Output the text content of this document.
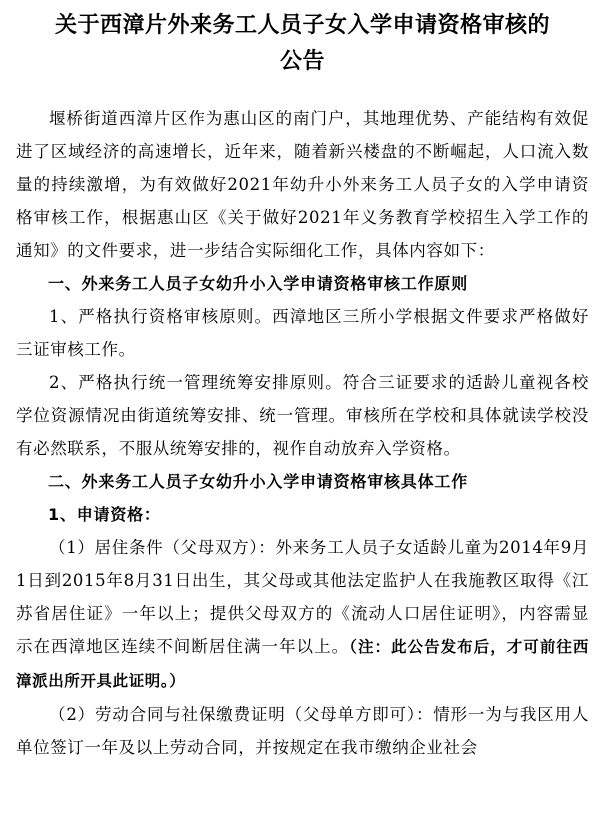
关于西漳片外来务工人员子女入学申请资格审核的
公告

堰桥街道西漳片区作为惠山区的南门户，其地理优势、产能结构有效促进了区域经济的高速增长，近年来，随着新兴楼盘的不断崛起，人口流入数量的持续激增，为有效做好2021年幼升小外来务工人员子女的入学申请资格审核工作，根据惠山区《关于做好2021年义务教育学校招生入学工作的通知》的文件要求，进一步结合实际细化工作，具体内容如下：

一、外来务工人员子女幼升小入学申请资格审核工作原则

1、严格执行资格审核原则。西漳地区三所小学根据文件要求严格做好三证审核工作。

2、严格执行统一管理统筹安排原则。符合三证要求的适龄儿童视各校学位资源情况由街道统筹安排、统一管理。审核所在学校和具体就读学校没有必然联系，不服从统筹安排的，视作自动放弃入学资格。

二、外来务工人员子女幼升小入学申请资格审核具体工作

1、申请资格：

（1）居住条件（父母双方）：外来务工人员子女适龄儿童为2014年9月1日到2015年8月31日出生，其父母或其他法定监护人在我施教区取得《江苏省居住证》一年以上；提供父母双方的《流动人口居住证明》，内容需显示在西漳地区连续不间断居住满一年以上。（注：此公告发布后，才可前往西漳派出所开具此证明。）

（2）劳动合同与社保缴费证明（父母单方即可）：情形一为与我区用人单位签订一年及以上劳动合同，并按规定在我市缴纳企业社会
